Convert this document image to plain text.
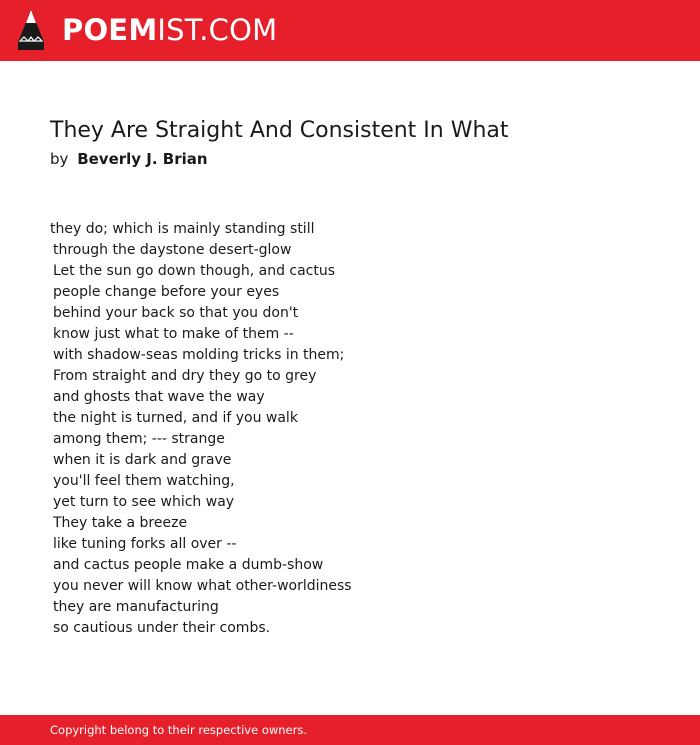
POEMIST.COM
They Are Straight And Consistent In What
by Beverly J. Brian
they do; which is mainly standing still
through the daystone desert-glow
Let the sun go down though, and cactus
people change before your eyes
behind your back so that you don't
know just what to make of them --
with shadow-seas molding tricks in them;
From straight and dry they go to grey
and ghosts that wave the way
the night is turned, and if you walk
among them; --- strange
when it is dark and grave
you'll feel them watching,
yet turn to see which way
They take a breeze
like tuning forks all over --
and cactus people make a dumb-show
you never will know what other-worldiness
they are manufacturing
so cautious under their combs.
Copyright belong to their respective owners.
